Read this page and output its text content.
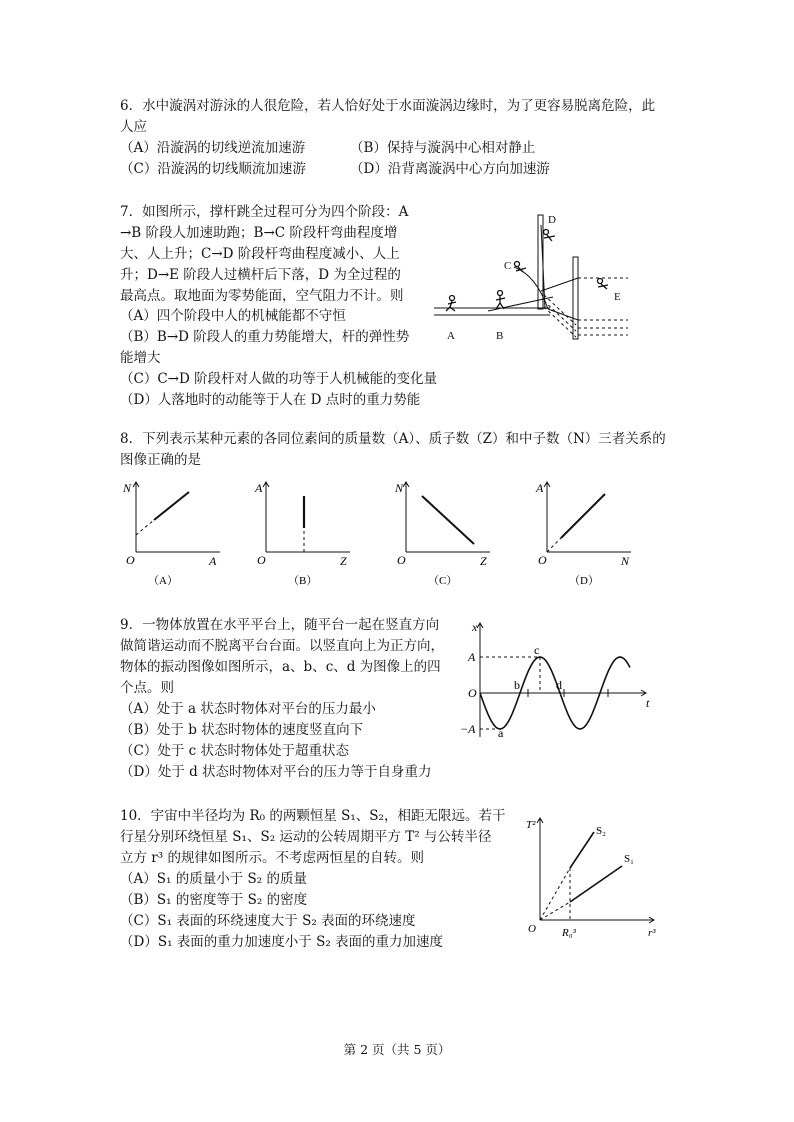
6．水中漩涡对游泳的人很危险，若人恰好处于水面漩涡边缘时，为了更容易脱离危险，此
人应
（A）沿漩涡的切线逆流加速游	（B）保持与漩涡中心相对静止
（C）沿漩涡的切线顺流加速游	（D）沿背离漩涡中心方向加速游
7．如图所示，撑杆跳全过程可分为四个阶段：A
→B 阶段人加速助跑；B→C 阶段杆弯曲程度增
大、人上升；C→D 阶段杆弯曲程度减小、人上
升；D→E 阶段人过横杆后下落，D 为全过程的
最高点。取地面为零势能面，空气阻力不计。则
（A）四个阶段中人的机械能都不守恒
（B）B→D 阶段人的重力势能增大，杆的弹性势
能增大
（C）C→D 阶段杆对人做的功等于人机械能的变化量
（D）人落地时的动能等于人在 D 点时的重力势能
D
C
E
A	B
8．下列表示某种元素的各同位素间的质量数（A）、质子数（Z）和中子数（N）三者关系的
图像正确的是
N
O	A
（A）
A
O	Z
（B）
N
O	Z
（C）
A
O	N
（D）
9．一物体放置在水平平台上，随平台一起在竖直方向
做简谐运动而不脱离平台台面。以竖直向上为正方向，
物体的振动图像如图所示，a、b、c、d 为图像上的四
个点。则
（A）处于 a 状态时物体对平台的压力最小
（B）处于 b 状态时物体的速度竖直向下
（C）处于 c 状态时物体处于超重状态
（D）处于 d 状态时物体对平台的压力等于自身重力
x
t
A
−A
O
a
b
c
d
10．宇宙中半径均为 R₀ 的两颗恒星 S₁、S₂，相距无限远。若干
行星分别环绕恒星 S₁、S₂ 运动的公转周期平方 T² 与公转半径
立方 r³ 的规律如图所示。不考虑两恒星的自转。则
（A）S₁ 的质量小于 S₂ 的质量
（B）S₁ 的密度等于 S₂ 的密度
（C）S₁ 表面的环绕速度大于 S₂ 表面的环绕速度
（D）S₁ 表面的重力加速度小于 S₂ 表面的重力加速度
T²
r³
O R₀³
S₂
S₁
第 2 页（共 5 页）
